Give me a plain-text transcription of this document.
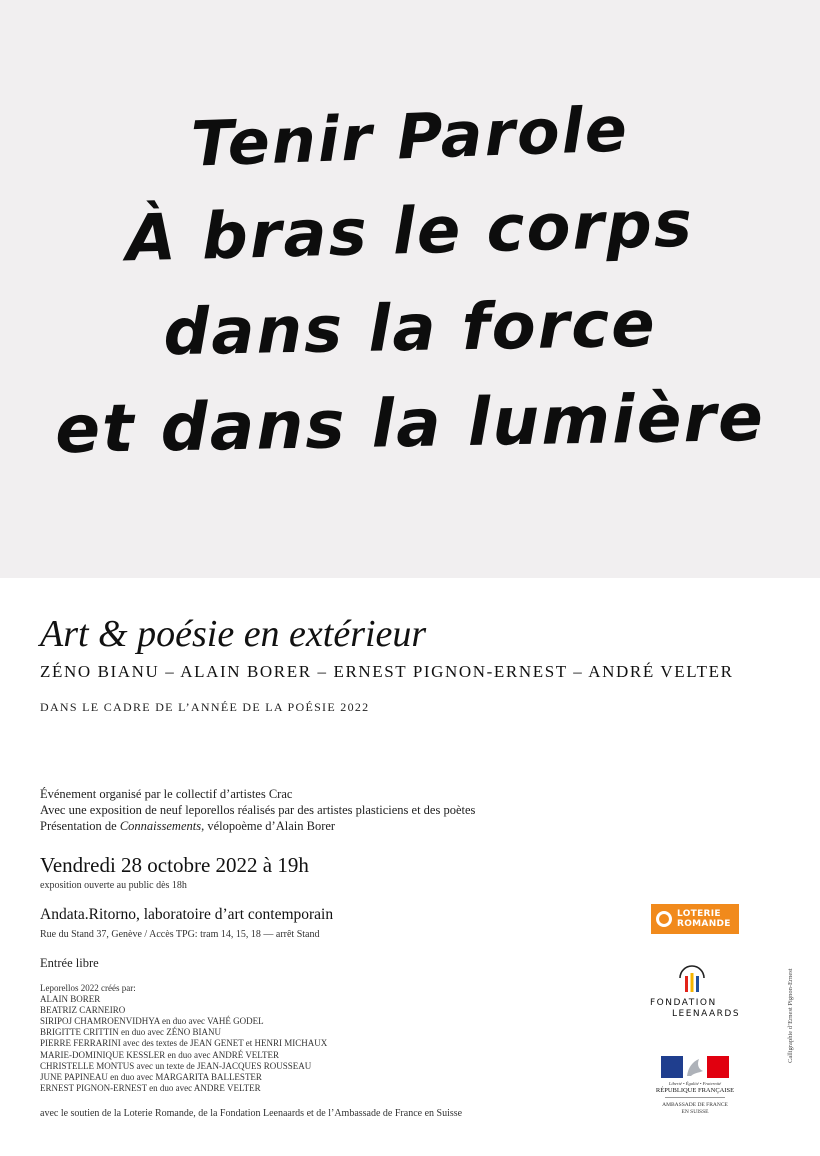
Tenir Parole
À bras le corps
dans la force
et dans la lumière
Art & poésie en extérieur
ZÉNO BIANU – ALAIN BORER – ERNEST PIGNON-ERNEST – ANDRÉ VELTER
DANS LE CADRE DE L’ANNÉE DE LA POÉSIE 2022
Événement organisé par le collectif d’artistes Crac
Avec une exposition de neuf leporellos réalisés par des artistes plasticiens et des poètes
Présentation de Connaissements, vélopoème d’Alain Borer
Vendredi 28 octobre 2022 à 19h
exposition ouverte au public dès 18h
Andata.Ritorno, laboratoire d’art contemporain
Rue du Stand 37, Genève / Accès TPG: tram 14, 15, 18 — arrêt Stand
Entrée libre
Leporellos 2022 créés par:
ALAIN BORER
BEATRIZ CARNEIRO
SIRIPOJ CHAMROENVIDHYA en duo avec VAHÉ GODEL
BRIGITTE CRITTIN en duo avec ZÉNO BIANU
PIERRE FERRARINI avec des textes de JEAN GENET et HENRI MICHAUX
MARIE-DOMINIQUE KESSLER en duo avec ANDRÉ VELTER
CHRISTELLE MONTUS avec un texte de JEAN-JACQUES ROUSSEAU
JUNE PAPINEAU en duo avec MARGARITA BALLESTER
ERNEST PIGNON-ERNEST en duo avec ANDRE VELTER
avec le soutien de la Loterie Romande, de la Fondation Leenaards et de l’Ambassade de France en Suisse
LOTERIE
ROMANDE
FONDATION
LEENAARDS
Liberté • Égalité • Fraternité
RÉPUBLIQUE FRANÇAISE
AMBASSADE DE FRANCE
EN SUISSE
Calligraphie d’Ernest Pignon-Ernest
